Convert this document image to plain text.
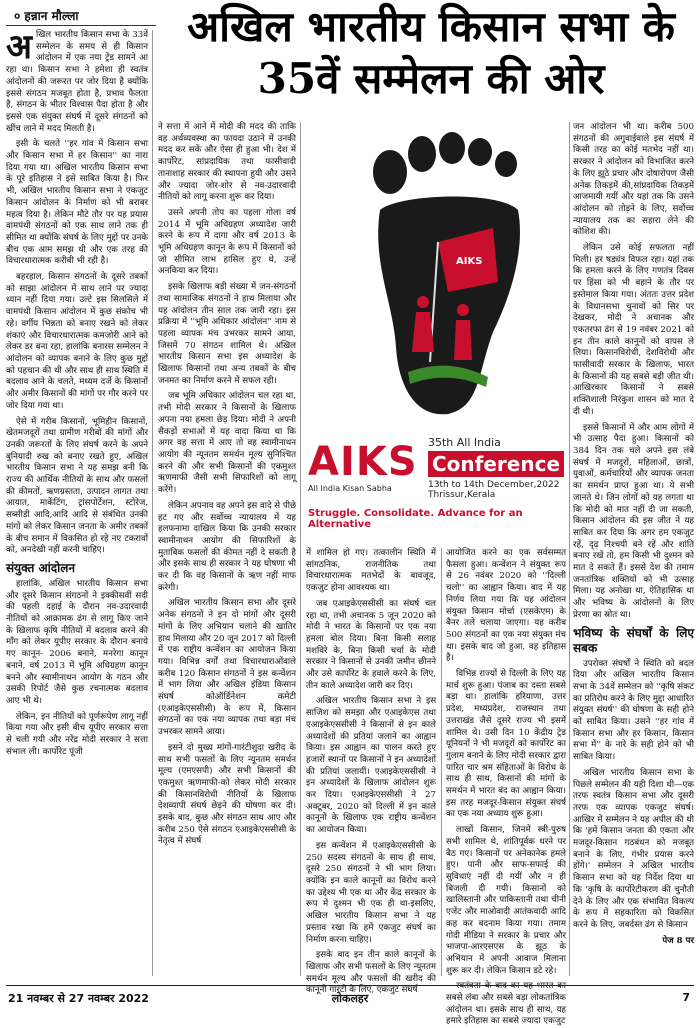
० हन्नान मौल्ला	अखिल भारतीय किसान सभा के
35वें सम्मेलन की ओर

अ खिल भारतीय किसान सभा के 33वें सम्मेलन के समय से ही किसान आंदोलन में एक नया ट्रेंड सामने आ रहा था। किसान सभा ने हमेशा ही स्वतंत्र आंदोलनों की जरूरत पर जोर दिया है क्योंकि इससे संगठन मजबूत होता है, प्रभाव फैलता है, संगठन के भीतर विश्वास पैदा होता है और इससे एक संयुक्त संघर्ष में दूसरे संगठनों को खींच लाने में मदद मिलती है।

इसी के चलते ''हर गांव में किसान सभा और किसान सभा में हर किसान'' का नारा दिया गया था। अखिल भारतीय किसान सभा के पूरे इतिहास ने इसे साबित किया है। फिर भी, अखिल भारतीय किसान सभा ने एकजुट किसान आंदोलन के निर्माण को भी बराबर महत्व दिया है। लेकिन मौटे तौर पर यह प्रयास वामपंथी संगठनों को एक साथ लाने तक ही सीमित था क्योंकि संघर्ष के लिए मुद्दों पर उनके बीच एक आम समझ थी और एक तरह की विचारधारात्मक करीबी भी रही है।

बहरहाल, किसान संगठनों के दूसरे तबकों को साझा आंदोलन में साथ लाने पर ज्यादा ध्यान नहीं दिया गया। उल्टे इस सिलसिले में वामपंथी किसान आंदोलन में कुछ संकोच भी रहे। वर्गीय भिन्नता को बनाए रखने को लेकर शंकाएं और विचारधारात्मक कमजोरी आने को लेकर डर बना रहा, हालांकि बनारस सम्मेलन ने आंदोलन को व्यापक बनाने के लिए कुछ मुद्दों को पहचान की थी और साथ ही साथ स्थिति में बदलाव आने के चलते, मध्यम दर्जे के किसानों और अमीर किसानों की मांगों पर गौर करने पर जोर दिया गया था।

ऐसे में गरीब किसानों, भूमिहीन किसानों, खेतमजदूरों तथा ग्रामीण गरीबों की मांगों और उनकी जरूरतों के लिए संघर्ष करने के अपने बुनियादी रुख को बनाए रखते हुए, अखिल भारतीय किसान सभा ने यह समझ बनी कि राज्य की आर्थिक नीतियों के साथ और फसलों की कीमतों, ऋणग्रस्तता, उत्पादन लागत तथा आयात, मार्केटिंग, ट्रांसपोर्टेशन, स्टोरेज, सब्सीडी आदि,आदि आदि से संबंधित उनकी मांगों को लेकर किसान जनता के अमीर तबकों के बीच समान में विकसित हो रहे नए टकरावों को, अनदेखी नहीं करनी चाहिए।

संयुक्त आंदोलन

हालांकि, अखिल भारतीय किसान सभा और दूसरे किसान संगठनों ने इक्कीसवीं सदी की पहली दहाई के दौरान नव-उदारवादी नीतियों को आक्रामक ढंग से लागू किए जाने के खिलाफ कृषि नीतियों में बदलाव करने की माँग को लेकर यूपीए सरकार के दौरान बनाये गए कानून- 2006 बनाने, मनरेगा कानून बनाने, वर्ष 2013 में भूमि अधिग्रहण कानून बनने और स्वामीनाथन आयोग के गठन और उसकी रिपोर्ट जैसे कुछ रचनात्मक बदलाव आए भी थे।

लेकिन, इन नीतियों को पूर्णरूपेण लागू नहीं किया गया और इसी बीच यूपीए सरकार सत्ता से चली गयी और नरेंद्र मोदी सरकार ने सत्ता संभाल ली। कार्पोरेट पूंजी

ने सत्ता में आने में मोदी की मदद की ताकि वह अर्थव्यवस्था का फायदा उठाने में उनकी मदद कर सकें और ऐसा ही हुआ भी। देश में कार्पोरेट, सांप्रदायिक तथा फासीवादी तानाशाह सरकार की स्थापना हुयी और उसने और ज्यादा जोर-शोर से नव-उदारवादी नीतियों को लागू करना शुरू कर दिया।

उसने अपनी तोप का पहला गोला वर्ष 2014 में भूमि अधिग्रहण अध्यादेश जारी करने के रूप में दागा और वर्ष 2013 के भूमि अधिग्रहण कानून के रूप में किसानों को जो सीमित लाभ हासिल हुए थे, उन्हें अनकिया कर दिया।

इसके खिलाफ बड़ी संख्या में जन-संगठनों तथा सामाजिक संगठनों ने हाथ मिलाया और यह आंदोलन तीन साल तक जारी रहा। इस प्रक्रिया में ''भूमि अधिकार आंदोलन'' नाम से पहला व्यापक मंच उभरकर सामने आया, जिसमें 70 संगठन शामिल थे। अखिल भारतीय किसान सभा इस अध्यादेश के खिलाफ किसानों तथा अन्य तबकों के बीच जनमत का निर्माण करने में सफल रही।

जब भूमि अधिकार आंदोलन चल रहा था, तभी मोदी सरकार ने किसानों के खिलाफ अपना नया हमला छेड़ दिया। मोदी ने अपनी सैकड़ों सभाओं में यह वादा किया था कि अगर वह सत्ता में आए तो वह स्वामीनाथन आयोग की न्यूनतम समर्थन मूल्य सुनिश्चित करने की और सभी किसानों की एकमुश्त ऋणमाफी जैसी सभी सिफारिशों को लागू करेंगे।

लेकिन अपनाव वह अपने इस वादे से पीछे हट गए और सर्वोच्च न्यायालय में यह हलफनामा दाखिल किया कि उनकी सरकार स्वामीनाथन आयोग की सिफारिशों के मुताबिक फसलों की कीमत नहीं दे सकती है और इसके साथ ही सरकार ने यह घोषणा भी कर दी कि वह किसानों के ऋण नहीं माफ करेगी।

अखिल भारतीय किसान सभा और दूसरे अनेक संगठनों ने इन दो मांगों और दूसरी मांगों के लिए अभियान चलाने की खातिर हाथ मिलाया और 20 जून 2017 को दिल्ली में एक राष्ट्रीय कन्वेंशन का आयोजन किया गया। विभिन्न वर्गों तथा विचारधाराओंवाले करीब 120 किसान संगठनों ने इस कन्वेंशन में भाग लिया और अखिल इंडिया किसान संघर्ष कोऑर्डिनेशन कमेटी (एआइकेएससीसी) के रूप में, किसान संगठनों का एक नया व्यापक तथा बड़ा मंच उभरकर सामने आया।

इसने दो मुख्य मांगों-गारंटीशुदा खरीद के साथ सभी फसलों के लिए न्यूनतम समर्थन मूल्य (एमएसपी) और सभी किसानों की एकमुश्त ऋणमाफी-को लेकर मोदी सरकार की किसानविरोधी नीतियों के खिलाफ देशव्यापी संघर्ष छेड़ने की घोषणा कर दी। इसके बाद, कुछ और संगठन साथ आए और करीब 250 ऐसे संगठन एआइकेएससीसी के नेतृत्व में संघर्ष

AIKS
AIKS
All India Kisan Sabha
35th All India
Conference
13th to 14th December,2022
Thrissur,Kerala
Struggle. Consolidate. Advance for an Alternative

में शामिल हो गए। तत्कालीन स्थिति में सांगठनिक, राजनीतिक तथा विचारधारात्मक मतभेदों के बावजूद, एकजुट होना आवश्यक था।

जब एआइकेएससीसी का संघर्ष चल रहा था, तभी अचानक 5 जून 2020 को मोदी ने भारत के किसानों पर एक नया हमला बोल दिया। बिना किसी सलाह मशविरे के, बिना किसी चर्चा के मोदी सरकार ने किसानों से उनकी जमीन छीनने और उसे कार्पोरेट के हवाले करने के लिए, तीन काले अध्यादेश जारी कर दिए।

अखिल भारतीय किसान सभा ने इस साजिश को समझा और एआइकेएस तथा एआइकेएससीसी ने किसानों से इन काले अध्यादेशों की प्रतियां जलाने का आह्वान किया। इस आह्वान का पालन करते हुए हजारों स्थानों पर किसानों ने इन अध्यादेशों की प्रतियां जलायीं। एआइकेएससीसी ने इन अध्यादेशों के खिलाफ आंदोलन शुरू कर दिया। एआइकेएससीसी ने 27 अक्टूबर, 2020 को दिल्ली में इन काले कानूनों के खिलाफ एक राष्ट्रीय कन्वेंशन का आयोजन किया।

इस कन्वेंशन में एआइकेएससीसी के 250 सदस्य संगठनों के साथ ही साथ, दूसरे 250 संगठनों ने भी भाग लिया। क्योंकि इन काले कानूनों का विरोध करने का उद्देश्य भी एक था और केंद्र सरकार के रूप में दुश्मन भी एक ही था-इसलिए, अखिल भारतीय किसान सभा ने यह प्रस्ताव रखा कि हमें एकजुट संघर्ष का निर्माण करना चाहिए।

इसके बाद इन तीन काले कानूनों के खिलाफ और सभी फसलों के लिए न्यूनतम समर्थन मूल्य और फसलों की खरीद की कानूनी गारंटी के लिए, एकजुट संघर्ष

आयोजित करने का एक सर्वसम्मत फैसला हुआ। कन्वेंशन ने संयुक्त रूप से 26 नवंबर 2020 को ''दिल्ली चलो'' का आह्वान किया। बाद में यह निर्णय लिया गया कि यह आंदोलन संयुक्त किसान मोर्चा (एसकेएम) के बैनर तले चलाया जाएगा। यह करीब 500 संगठनों का एक नया संयुक्त मंच था। इसके बाद जो हुआ, वह इतिहास है।

विभिन्न राज्यों से दिल्ली के लिए यह मार्च शुरू हुआ। पंजाब का दस्ता सबसे बड़ा था। हालांकि हरियाणा, उत्तर प्रदेश, मध्यप्रदेश, राजस्थान तथा उत्तराखंड जैसे दूसरे राज्य भी इसमें शामिल थे। उसी दिन 10 केंद्रीय ट्रेड यूनियनों ने भी मजदूरों को कार्पोरेट का गुलाम बनाने के लिए मोदी सरकार द्वारा पारित चार श्रम संहिताओं के विरोध के साथ ही साथ, किसानों की मांगों के समर्थन में भारत बंद का आह्वान किया। इस तरह मजदूर-किसान संयुक्त संघर्ष का एक नया अध्याय शुरू हुआ।

लाखों किसान, जिनमें स्त्री-पुरुष सभी शामिल थे, शांतिपूर्वक धरने पर बैठ गए। किसानों पर अनेकानेक हमले हुए। पानी और साफ-सफाई की सुविधाएं नहीं दी गयीं और न ही बिजली दी गयी। किसानों को खालिस्तानी और पाकिस्तानी तथा चीनी एजेंट और माओवादी आतंकवादी आदि कह कर बदनाम किया गया। तमाम गोदी मीडिया ने सरकार के प्रचार और भाजपा-आरएसएस के झूठ के अभियान में अपनी आवाज मिलाना शुरू कर दी। लेकिन किसान डटे रहे।

स्वतंत्रता के बाद का यह भारत का सबसे लंबा और सबसे बड़ा लोकतांत्रिक आंदोलन था। इसके साथ ही साथ, यह हमारे इतिहास का सबसे ज्यादा एकजुट

जन आंदोलन भी था। करीब 500 संगठनों की अगुवाईवाले इस संघर्ष में किसी तरह का कोई मतभेद नहीं था। सरकार ने आंदोलन को विभाजित करने के लिए झूठे प्रचार और दोषारोपण जैसी अनेक तिकड़में की,सांप्रदायिक तिकड़में आजमायी गयीं और यहां तक कि उसने आंदोलन को तोड़ने के लिए, सर्वोच्च न्यायालय तक का सहारा लेने की कोशिश की।

लेकिन उसे कोई सफलता नहीं मिली। हर षड्यंत्र विफल रहा। यहां तक कि हमला करने के लिए गणतंत्र दिवस पर हिंसा को भी बहाने के तौर पर इस्तेमाल किया गया। अंततः उत्तर प्रदेश के विधानसभा चुनावों को सिर पर देखकर, मोदी ने अचानक और एकतरफा ढंग से 19 नवंबर 2021 को इन तीन काले कानूनों को वापस ले लिया। किसानविरोधी, देशविरोधी और फासीवादी सरकार के खिलाफ, भारत के किसानों की यह सबसे बड़ी जीत थी। आखिरकार किसानों ने सबसे शक्तिशाली निरंकुश शासन को मात दे दी थी।

इससे किसानों में और आम लोगों में भी उत्साह पैदा हुआ। किसानों को 384 दिन तक चले अपने इस लंबे संघर्ष में मजदूरों, महिलाओं, छात्रों, युवाओं, कर्मचारियों और व्यापक जनता का समर्थन प्राप्त हुआ था। ये सभी जानते थे। जिन लोगों को यह लगता था कि मोदी को मात नहीं दी जा सकती, किसान आंदोलन की इस जीत ने यह साबित कर दिया कि अगर हम एकजुट रहें, दृढ़ निश्चयी बने रहें और शांति बनाए रखें तो, हम किसी भी दुश्मन को मात दे सकते हैं। इससे देश की तमाम जनतांत्रिक शक्तियों को भी उत्साह मिला। यह अनोखा था, ऐतिहासिक था और भविष्य के आंदोलनों के लिए प्रेरणा का स्रोत था।

भविष्य के संघर्षों के लिए सबक

उपरोक्त संघर्षों ने स्थिति को बदल दिया और अखिल भारतीय किसान सभा के 34वें सम्मेलन को ''कृषि संकट का प्रतिरोध करने के लिए मुद्दा आधारित संयुक्त संघर्ष'' की घोषणा के सही होने को साबित किया। उसने ''हर गांव में किसान सभा और हर किसान, किसान सभा में'' के नारे के सही होने को भी साबित किया।

अखिल भारतीय किसान सभा के पिछले सम्मेलन की यही दिशा थी—एक तरफ स्वतंत्र किसान सभा और दूसरी तरफ एक व्यापक एकजुट संघर्ष। आखिर में सम्मेलन ने यह अपील की थी कि 'हमें किसान जनता की एकता और मजदूर-किसान गठबंधन को मजबूत बनाने के लिए, गंभीर प्रयास करने होंगे।' सम्मेलन ने अखिल भारतीय किसान सभा को यह निर्देश दिया था कि 'कृषि के कार्पोरेटीकरण की चुनौती देने के लिए और एक संभावित विकल्प के रूप में सहकारिता को विकसित करने के लिए, जबर्दस्त ढंग से किसान

पेज 8 पर

21 नवम्बर से 27 नवम्बर 2022	लोकलहर	7
